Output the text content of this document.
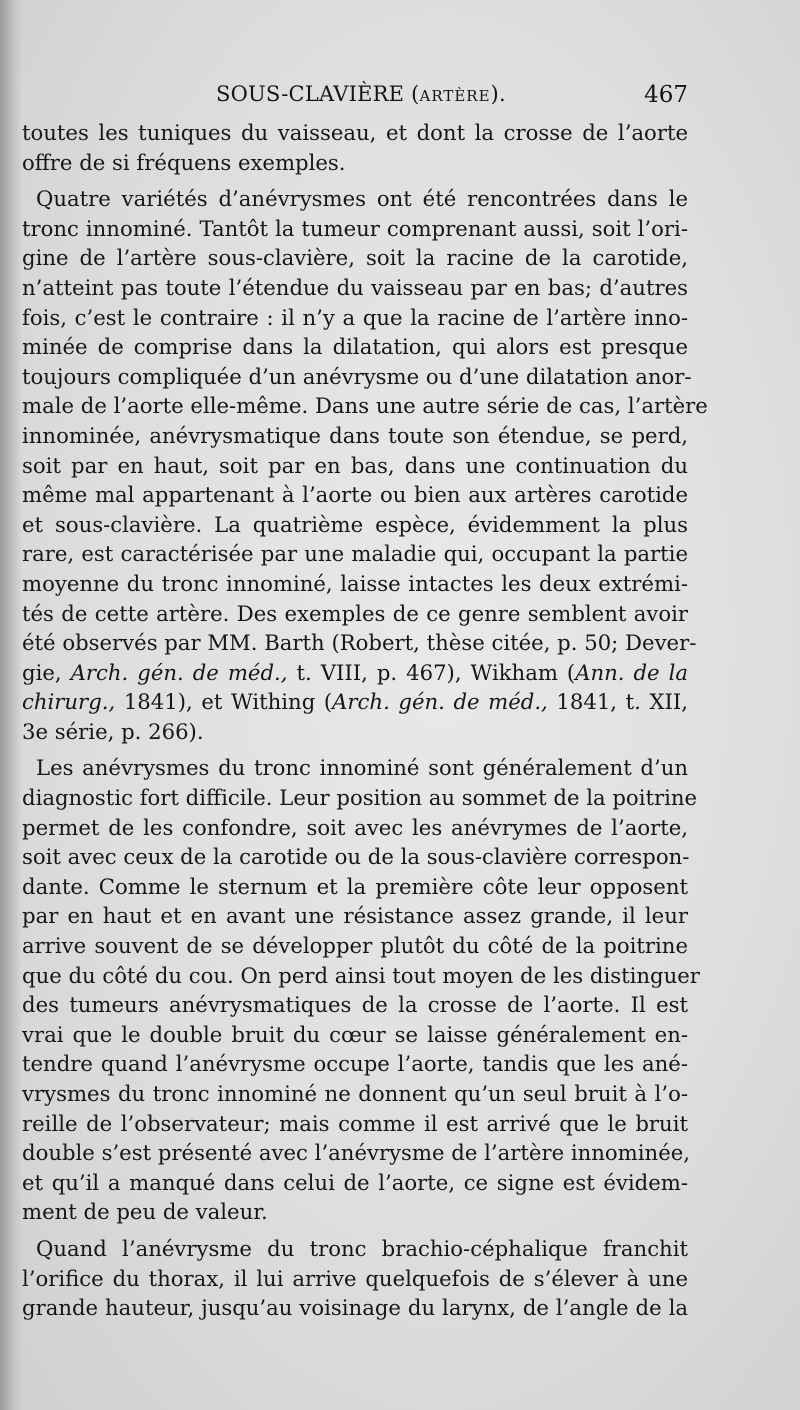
SOUS-CLAVIÈRE (ARTÈRE).	467
toutes les tuniques du vaisseau, et dont la crosse de l’aorte
offre de si fréquens exemples.
Quatre variétés d’anévrysmes ont été rencontrées dans le
tronc innominé. Tantôt la tumeur comprenant aussi, soit l’ori-
gine de l’artère sous-clavière, soit la racine de la carotide,
n’atteint pas toute l’étendue du vaisseau par en bas; d’autres
fois, c’est le contraire : il n’y a que la racine de l’artère inno-
minée de comprise dans la dilatation, qui alors est presque
toujours compliquée d’un anévrysme ou d’une dilatation anor-
male de l’aorte elle-même. Dans une autre série de cas, l’artère
innominée, anévrysmatique dans toute son étendue, se perd,
soit par en haut, soit par en bas, dans une continuation du
même mal appartenant à l’aorte ou bien aux artères carotide
et sous-clavière. La quatrième espèce, évidemment la plus
rare, est caractérisée par une maladie qui, occupant la partie
moyenne du tronc innominé, laisse intactes les deux extrémi-
tés de cette artère. Des exemples de ce genre semblent avoir
été observés par MM. Barth (Robert, thèse citée, p. 50; Dever-
gie, Arch. gén. de méd., t. VIII, p. 467), Wikham (Ann. de la
chirurg., 1841), et Withing (Arch. gén. de méd., 1841, t. XII,
3e série, p. 266).
Les anévrysmes du tronc innominé sont généralement d’un
diagnostic fort difficile. Leur position au sommet de la poitrine
permet de les confondre, soit avec les anévrymes de l’aorte,
soit avec ceux de la carotide ou de la sous-clavière correspon-
dante. Comme le sternum et la première côte leur opposent
par en haut et en avant une résistance assez grande, il leur
arrive souvent de se développer plutôt du côté de la poitrine
que du côté du cou. On perd ainsi tout moyen de les distinguer
des tumeurs anévrysmatiques de la crosse de l’aorte. Il est
vrai que le double bruit du cœur se laisse généralement en-
tendre quand l’anévrysme occupe l’aorte, tandis que les ané-
vrysmes du tronc innominé ne donnent qu’un seul bruit à l’o-
reille de l’observateur; mais comme il est arrivé que le bruit
double s’est présenté avec l’anévrysme de l’artère innominée,
et qu’il a manqué dans celui de l’aorte, ce signe est évidem-
ment de peu de valeur.
Quand l’anévrysme du tronc brachio-céphalique franchit
l’orifice du thorax, il lui arrive quelquefois de s’élever à une
grande hauteur, jusqu’au voisinage du larynx, de l’angle de la
